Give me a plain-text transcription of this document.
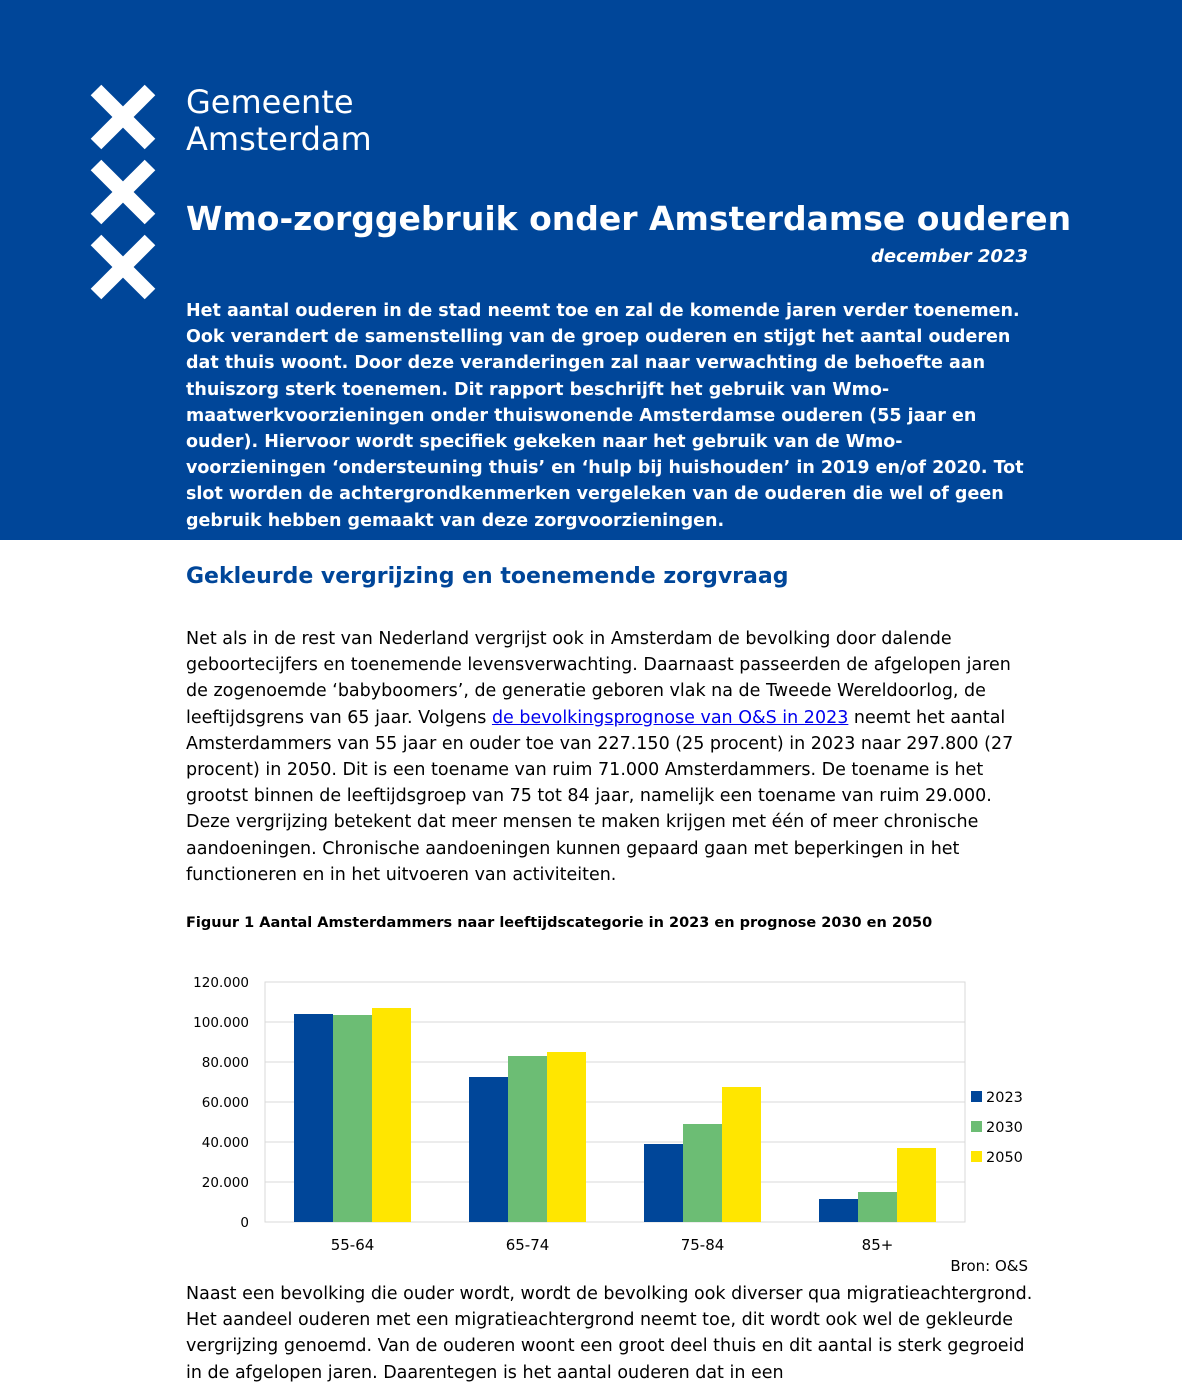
Gemeente
Amsterdam
Wmo-zorggebruik onder Amsterdamse ouderen
december 2023

Het aantal ouderen in de stad neemt toe en zal de komende jaren verder toenemen. Ook verandert de samenstelling van de groep ouderen en stijgt het aantal ouderen dat thuis woont. Door deze veranderingen zal naar verwachting de behoefte aan thuiszorg sterk toenemen. Dit rapport beschrijft het gebruik van Wmo-maatwerkvoorzieningen onder thuiswonende Amsterdamse ouderen (55 jaar en ouder). Hiervoor wordt specifiek gekeken naar het gebruik van de Wmo-voorzieningen ‘ondersteuning thuis’ en ‘hulp bij huishouden’ in 2019 en/of 2020. Tot slot worden de achtergrondkenmerken vergeleken van de ouderen die wel of geen gebruik hebben gemaakt van deze zorgvoorzieningen.

Gekleurde vergrijzing en toenemende zorgvraag

Net als in de rest van Nederland vergrijst ook in Amsterdam de bevolking door dalende geboortecijfers en toenemende levensverwachting. Daarnaast passeerden de afgelopen jaren de zogenoemde ‘babyboomers’, de generatie geboren vlak na de Tweede Wereldoorlog, de leeftijdsgrens van 65 jaar. Volgens de bevolkingsprognose van O&S in 2023 neemt het aantal Amsterdammers van 55 jaar en ouder toe van 227.150 (25 procent) in 2023 naar 297.800 (27 procent) in 2050. Dit is een toename van ruim 71.000 Amsterdammers. De toename is het grootst binnen de leeftijdsgroep van 75 tot 84 jaar, namelijk een toename van ruim 29.000. Deze vergrijzing betekent dat meer mensen te maken krijgen met één of meer chronische aandoeningen. Chronische aandoeningen kunnen gepaard gaan met beperkingen in het functioneren en in het uitvoeren van activiteiten.

Figuur 1 Aantal Amsterdammers naar leeftijdscategorie in 2023 en prognose 2030 en 2050
0
20.000
40.000
60.000
80.000
100.000
120.000
55-64	65-74	75-84	85+
2023
2030
2050
Bron: O&S

Naast een bevolking die ouder wordt, wordt de bevolking ook diverser qua migratieachtergrond. Het aandeel ouderen met een migratieachtergrond neemt toe, dit wordt ook wel de gekleurde vergrijzing genoemd. Van de ouderen woont een groot deel thuis en dit aantal is sterk gegroeid in de afgelopen jaren. Daarentegen is het aantal ouderen dat in een
